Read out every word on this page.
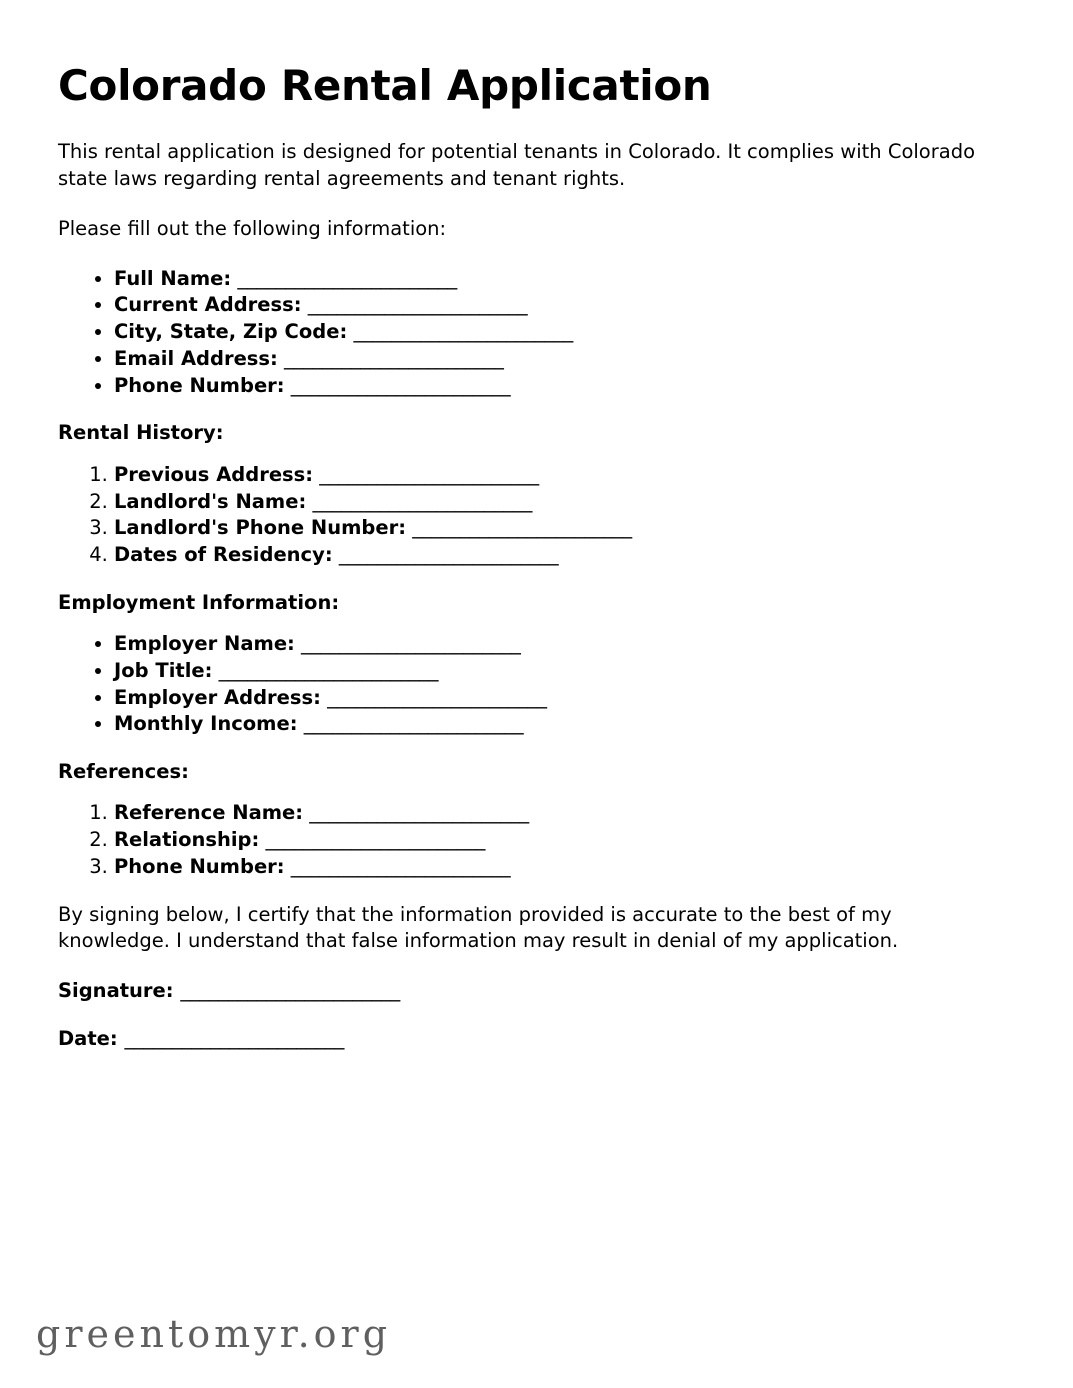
Colorado Rental Application

This rental application is designed for potential tenants in Colorado. It complies with Colorado state laws regarding rental agreements and tenant rights.

Please fill out the following information:

• Full Name: _______________________
• Current Address: _______________________
• City, State, Zip Code: _______________________
• Email Address: _______________________
• Phone Number: _______________________
Rental History:
1. Previous Address: _______________________
2. Landlord's Name: _______________________
3. Landlord's Phone Number: _______________________
4. Dates of Residency: _______________________
Employment Information:
• Employer Name: _______________________
• Job Title: _______________________
• Employer Address: _______________________
• Monthly Income: _______________________
References:
1. Reference Name: _______________________
2. Relationship: _______________________
3. Phone Number: _______________________

By signing below, I certify that the information provided is accurate to the best of my knowledge. I understand that false information may result in denial of my application.

Signature: _______________________

Date: _______________________

greentomyr.org
